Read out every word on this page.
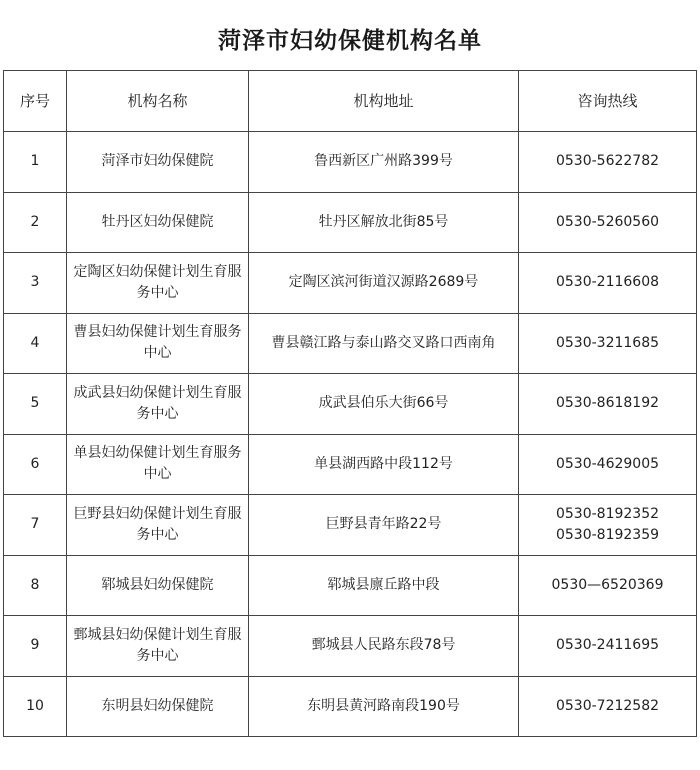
菏泽市妇幼保健机构名单
序号	机构名称	机构地址	咨询热线
1	菏泽市妇幼保健院	鲁西新区广州路399号	0530-5622782

2	牡丹区妇幼保健院	牡丹区解放北街85号	0530-5260560

3	定陶区妇幼保健计划生育服务中心	定陶区滨河街道汉源路2689号	0530-2116608

4	曹县妇幼保健计划生育服务中心	曹县赣江路与泰山路交叉路口西南角	0530-3211685

5	成武县妇幼保健计划生育服务中心	成武县伯乐大街66号	0530-8618192

6	单县妇幼保健计划生育服务中心	单县湖西路中段112号	0530-4629005

7	巨野县妇幼保健计划生育服务中心	巨野县青年路22号	0530-8192352
0530-8192359

8	郓城县妇幼保健院	郓城县廪丘路中段	0530—6520369

9	鄄城县妇幼保健计划生育服务中心	鄄城县人民路东段78号	0530-2411695

10	东明县妇幼保健院	东明县黄河路南段190号	0530-7212582
